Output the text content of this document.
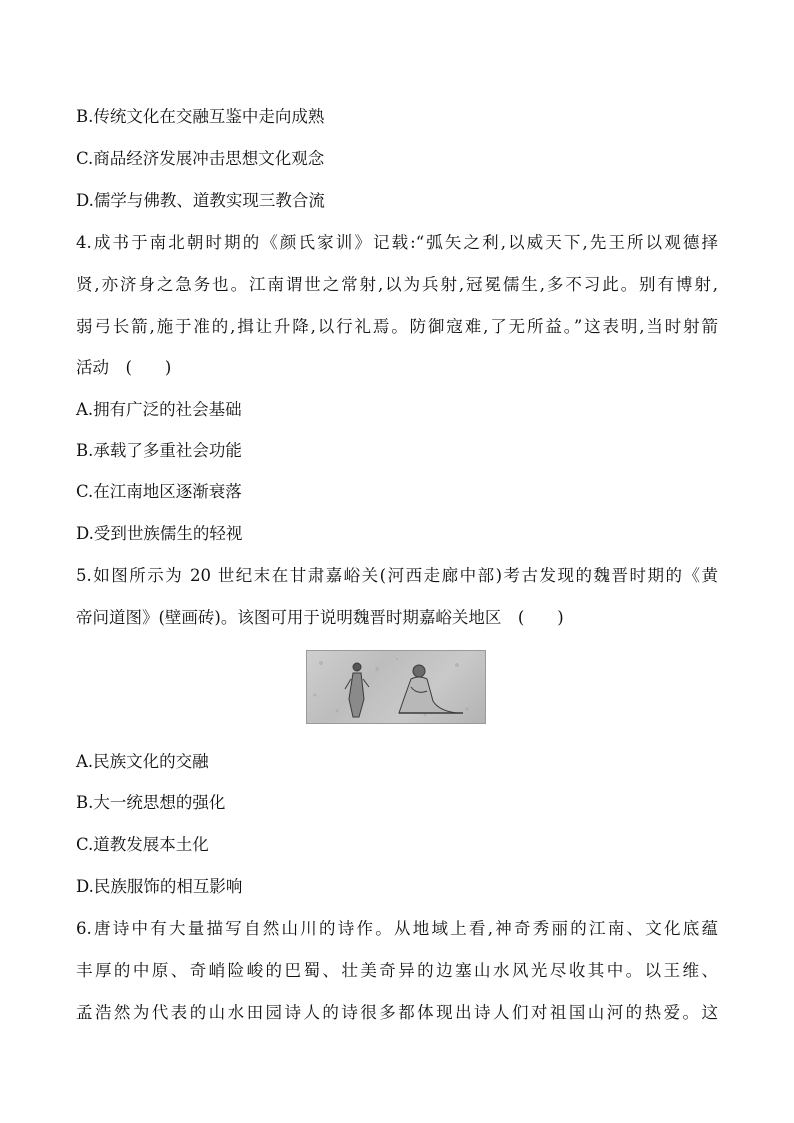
B.传统文化在交融互鉴中走向成熟
C.商品经济发展冲击思想文化观念
D.儒学与佛教、道教实现三教合流
4.成书于南北朝时期的《颜氏家训》记载:“弧矢之利,以威天下,先王所以观德择
贤,亦济身之急务也。江南谓世之常射,以为兵射,冠冕儒生,多不习此。别有博射,
弱弓长箭,施于准的,揖让升降,以行礼焉。防御寇难,了无所益。”这表明,当时射箭
活动　(　　)
A.拥有广泛的社会基础
B.承载了多重社会功能
C.在江南地区逐渐衰落
D.受到世族儒生的轻视
5.如图所示为 20 世纪末在甘肃嘉峪关(河西走廊中部)考古发现的魏晋时期的《黄
帝问道图》(壁画砖)。该图可用于说明魏晋时期嘉峪关地区　(　　)
A.民族文化的交融
B.大一统思想的强化
C.道教发展本土化
D.民族服饰的相互影响
6.唐诗中有大量描写自然山川的诗作。从地域上看,神奇秀丽的江南、文化底蕴
丰厚的中原、奇峭险峻的巴蜀、壮美奇异的边塞山水风光尽收其中。以王维、
孟浩然为代表的山水田园诗人的诗很多都体现出诗人们对祖国山河的热爱。这
